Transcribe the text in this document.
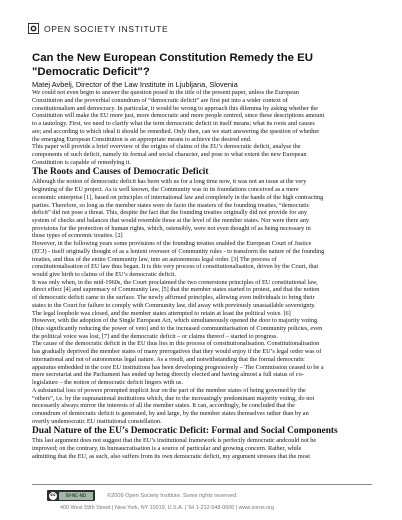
OPEN SOCIETY INSTITUTE
Can the New European Constitution Remedy the EU
"Democratic Deficit"?
Matej Avbelj, Director of the Law Institute in Ljubljana, Slovenia
We could not even begin to answer the question posed in the title of the present paper, unless the European
Constitution and the proverbial conundrum of “democratic deficit” are first put into a wider context of
constitutionalism and democracy. In particular, it would be wrong to approach this dilemma by asking whether the
Constitution will make the EU more just, more democratic and more people centred, since these descriptions amount
to a tautology. First, we need to clarify what the term democratic deficit in itself means; what its roots and causes
are; and according to which ideal it should be remedied. Only then, can we start answering the question of whether
the emerging European Constitution is an appropriate means to achieve the desired end.
This paper will provide a brief overview of the origins of claims of the EU’s democratic deficit, analyse the
components of such deficit, namely its formal and social character, and pose to what extent the new European
Constitution is capable of remedying it.
The Roots and Causes of Democratic Deficit
Although the notion of democratic deficit has been with us for a long time now, it was not an issue at the very
beginning of the EU project. As is well known, the Community was in its foundations conceived as a mere
economic enterprise [1], based on principles of international law and completely in the hands of the high contracting
parties. Therefore, so long as the member states were de facto the masters of the founding treaties, “democratic
deficit” did not pose a threat. This, despite the fact that the founding treaties originally did not provide for any
system of checks and balances that would resemble those at the level of the member states. Nor were there any
provisions for the protection of human rights, which, ostensibly, were not even thought of as being necessary in
those types of economic treaties. [2]
However, in the following years some provisions of the founding treaties enabled the European Court of Justice
(ECJ) - itself originally thought of as a lenient overseer of Community rules - to transform the nature of the founding
treaties, and thus of the entire Community law, into an autonomous legal order. [3] The process of
constitutionalisation of EU law thus began. It is this very process of constitutionalisation, driven by the Court, that
would give birth to claims of the EU’s democratic deficit.
It was only when, in the mid-1960s, the Court proclaimed the two cornerstone principles of EU constitutional law,
direct effect [4] and supremacy of Community law, [5] that the member states started to protest, and that the notion
of democratic deficit came to the surface. The newly affirmed principles, allowing even individuals to bring their
states to the Court for failure to comply with Community law, did away with previously unassailable sovereignty.
The legal loophole was closed, and the member states attempted to retain at least the political voice. [6]
However, with the adoption of the Single European Act, which simultaneously opened the door to majority voting
(thus significantly reducing the power of veto) and to the increased communitarisation of Community policies, even
the political voice was lost, [7] and the democratic deficit – or claims thereof – started to progress.
The cause of the democratic deficit in the EU thus lies in this process of constitutionalisation. Constitutionalisation
has gradually deprived the member states of many prerogatives that they would enjoy if the EU’s legal order was of
international and not of autonomous legal nature. As a result, and notwithstanding that the formal democratic
apparatus embedded in the core EU institutions has been developing progressively – The Commission ceased to be a
mere secretariat and the Parliament has ended up being directly elected and having almost a full status of co-
legislature – the notion of democratic deficit lingers with us.
A substantial loss of powers prompted implicit fear on the part of the member states of being governed by the
“others”, i.e. by the supranational institutions which, due to the increasingly predominant majority voting, do not
necessarily always mirror the interests of all the member states. It can, accordingly, be concluded that the
conundrum of democratic deficit is generated, by and large, by the member states themselves rather than by an
overtly undemocratic EU institutional constellation.
Dual Nature of the EU’s Democratic Deficit: Formal and Social Components
This last argument does not suggest that the EU’s institutional framework is perfectly democratic andcould not be
improved; on the contrary, its bureaucratisation is a source of particular and growing concern. Rather, while
admitting that the EU, as such, also suffers from its own democratic deficit, my argument stresses that the most
cc	BY-NC-ND	©2009 Open Society Institute. Some rights reserved.
400 West 59th Street | New York, NY 10019, U.S.A. | Tel 1-212-548-0600 | www.soros.org
